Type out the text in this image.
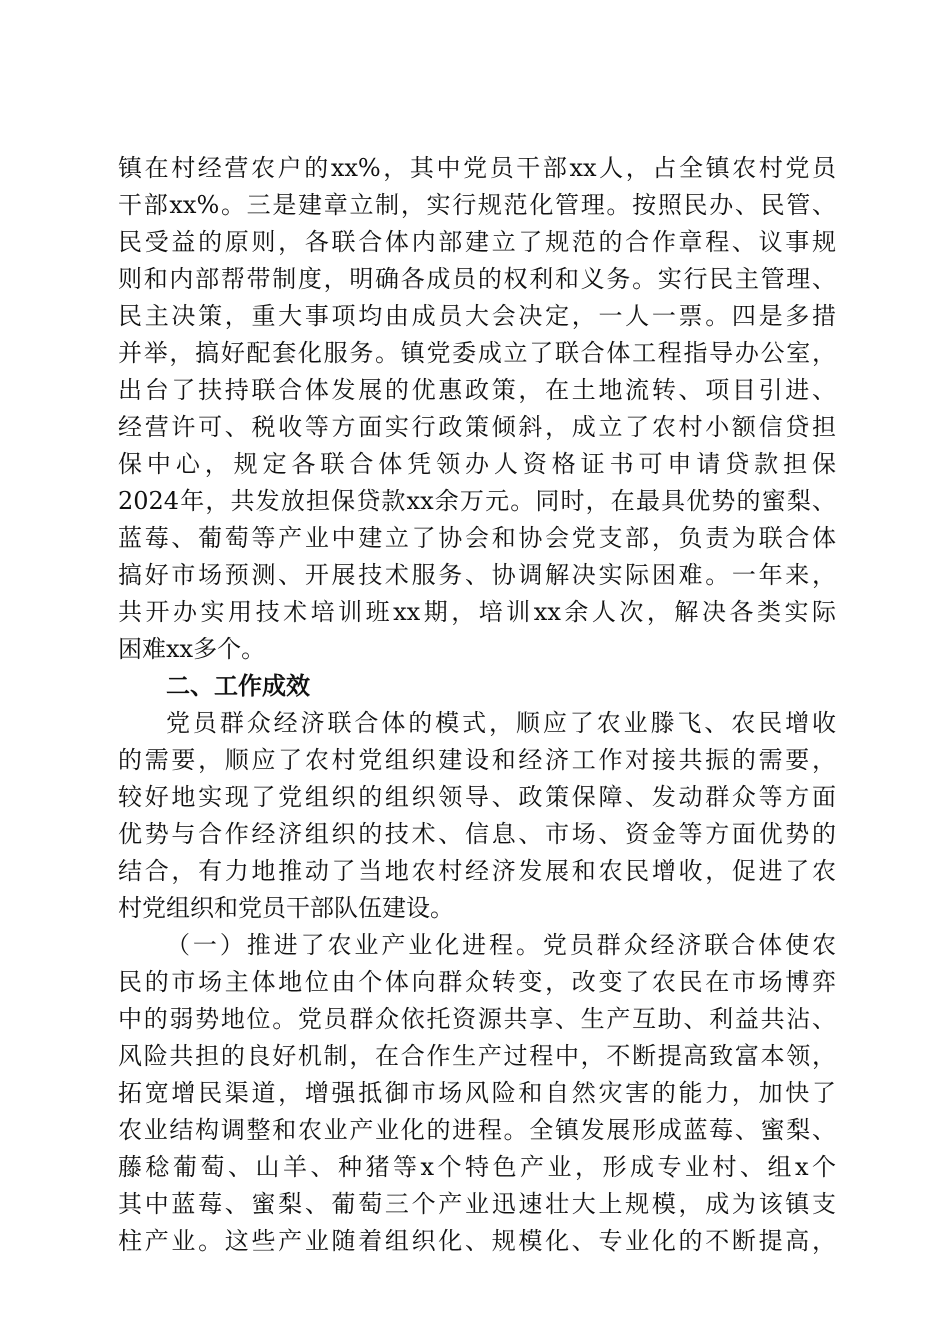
镇在村经营农户的xx%，其中党员干部xx人，占全镇农村党员
干部xx%。三是建章立制，实行规范化管理。按照民办、民管、
民受益的原则，各联合体内部建立了规范的合作章程、议事规
则和内部帮带制度，明确各成员的权利和义务。实行民主管理、
民主决策，重大事项均由成员大会决定，一人一票。四是多措
并举，搞好配套化服务。镇党委成立了联合体工程指导办公室，
出台了扶持联合体发展的优惠政策，在土地流转、项目引进、
经营许可、税收等方面实行政策倾斜，成立了农村小额信贷担
保中心，规定各联合体凭领办人资格证书可申请贷款担保
2024年，共发放担保贷款xx余万元。同时，在最具优势的蜜梨、
蓝莓、葡萄等产业中建立了协会和协会党支部，负责为联合体
搞好市场预测、开展技术服务、协调解决实际困难。一年来，
共开办实用技术培训班xx期，培训xx余人次，解决各类实际
困难xx多个。
二、工作成效
党员群众经济联合体的模式，顺应了农业滕飞、农民增收
的需要，顺应了农村党组织建设和经济工作对接共振的需要，
较好地实现了党组织的组织领导、政策保障、发动群众等方面
优势与合作经济组织的技术、信息、市场、资金等方面优势的
结合，有力地推动了当地农村经济发展和农民增收，促进了农
村党组织和党员干部队伍建设。
（一）推进了农业产业化进程。党员群众经济联合体使农
民的市场主体地位由个体向群众转变，改变了农民在市场博弈
中的弱势地位。党员群众依托资源共享、生产互助、利益共沾、
风险共担的良好机制，在合作生产过程中，不断提高致富本领，
拓宽增民渠道，增强抵御市场风险和自然灾害的能力，加快了
农业结构调整和农业产业化的进程。全镇发展形成蓝莓、蜜梨、
藤稔葡萄、山羊、种猪等x个特色产业，形成专业村、组x个
其中蓝莓、蜜梨、葡萄三个产业迅速壮大上规模，成为该镇支
柱产业。这些产业随着组织化、规模化、专业化的不断提高，
